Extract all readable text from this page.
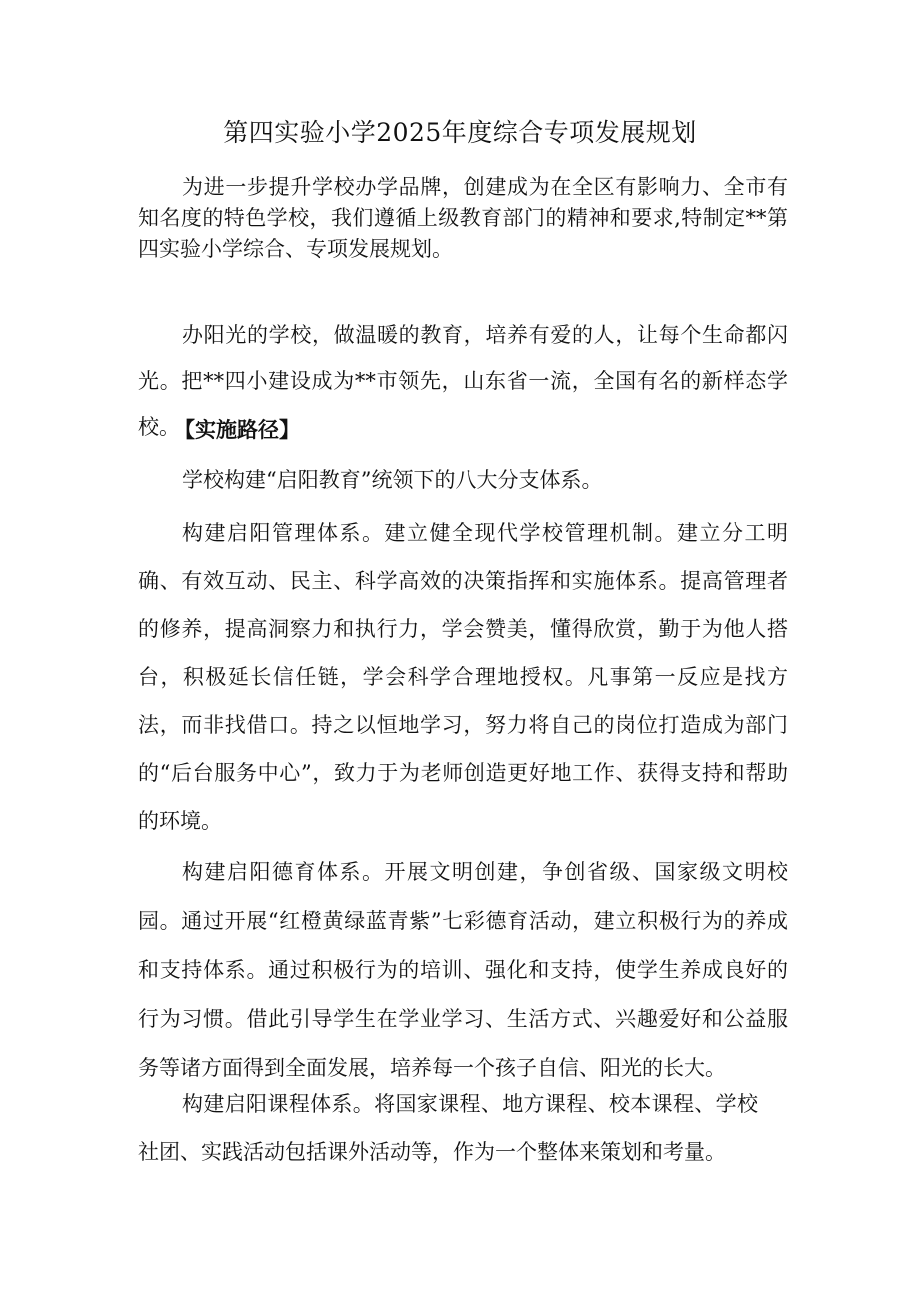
第四实验小学2025年度综合专项发展规划

为进一步提升学校办学品牌，创建成为在全区有影响力、全市有知名度的特色学校，我们遵循上级教育部门的精神和要求,特制定**第四实验小学综合、专项发展规划。

办阳光的学校，做温暖的教育，培养有爱的人，让每个生命都闪光。把**四小建设成为**市领先，山东省一流，全国有名的新样态学校。

【实施路径】

学校构建“启阳教育”统领下的八大分支体系。

构建启阳管理体系。建立健全现代学校管理机制。建立分工明确、有效互动、民主、科学高效的决策指挥和实施体系。提高管理者的修养，提高洞察力和执行力，学会赞美，懂得欣赏，勤于为他人搭台，积极延长信任链，学会科学合理地授权。凡事第一反应是找方法，而非找借口。持之以恒地学习，努力将自己的岗位打造成为部门的“后台服务中心”，致力于为老师创造更好地工作、获得支持和帮助的环境。

构建启阳德育体系。开展文明创建，争创省级、国家级文明校园。通过开展“红橙黄绿蓝青紫”七彩德育活动，建立积极行为的养成和支持体系。通过积极行为的培训、强化和支持，使学生养成良好的行为习惯。借此引导学生在学业学习、生活方式、兴趣爱好和公益服务等诸方面得到全面发展，培养每一个孩子自信、阳光的长大。

构建启阳课程体系。将国家课程、地方课程、校本课程、学校社团、实践活动包括课外活动等，作为一个整体来策划和考量。
